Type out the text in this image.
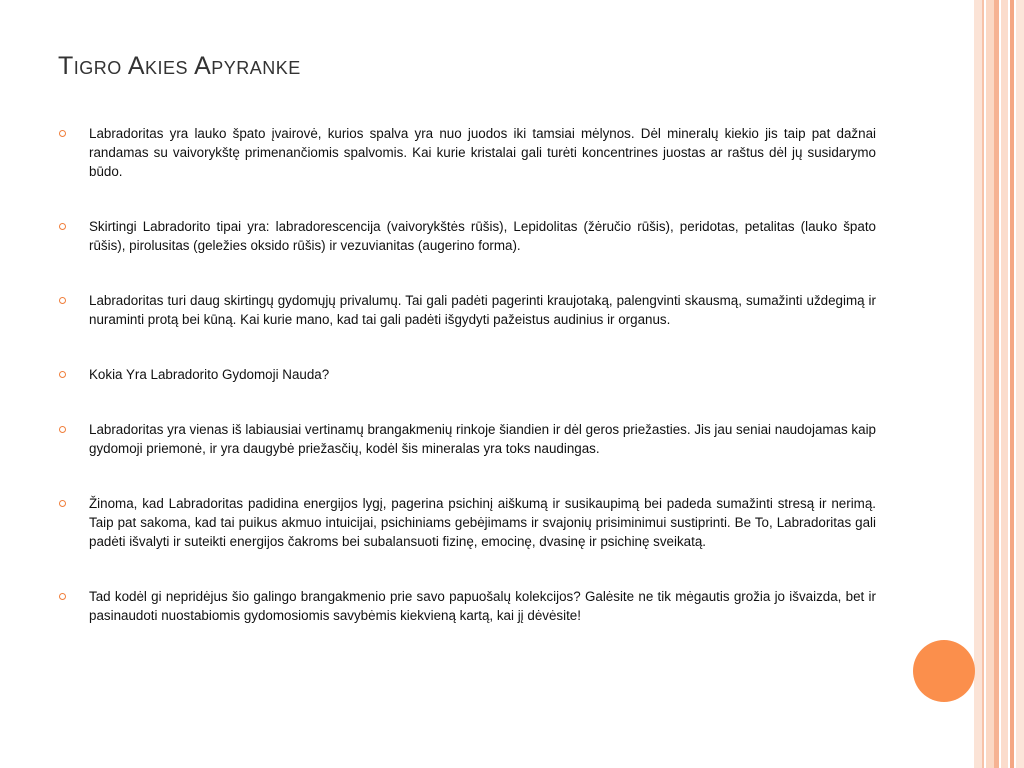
Tigro Akies Apyranke
Labradoritas yra lauko špato įvairovė, kurios spalva yra nuo juodos iki tamsiai mėlynos. Dėl mineralų kiekio jis taip pat dažnai randamas su vaivorykštę primenančiomis spalvomis. Kai kurie kristalai gali turėti koncentrines juostas ar raštus dėl jų susidarymo būdo.
Skirtingi Labradorito tipai yra: labradorescencija (vaivorykštės rūšis), Lepidolitas (žėručio rūšis), peridotas, petalitas (lauko špato rūšis), pirolusitas (geležies oksido rūšis) ir vezuvianitas (augerino forma).
Labradoritas turi daug skirtingų gydomųjų privalumų. Tai gali padėti pagerinti kraujotaką, palengvinti skausmą, sumažinti uždegimą ir nuraminti protą bei kūną. Kai kurie mano, kad tai gali padėti išgydyti pažeistus audinius ir organus.
Kokia Yra Labradorito Gydomoji Nauda?
Labradoritas yra vienas iš labiausiai vertinamų brangakmenių rinkoje šiandien ir dėl geros priežasties. Jis jau seniai naudojamas kaip gydomoji priemonė, ir yra daugybė priežasčių, kodėl šis mineralas yra toks naudingas.
Žinoma, kad Labradoritas padidina energijos lygį, pagerina psichinį aiškumą ir susikaupimą bei padeda sumažinti stresą ir nerimą. Taip pat sakoma, kad tai puikus akmuo intuicijai, psichiniams gebėjimams ir svajonių prisiminimui sustiprinti. Be To, Labradoritas gali padėti išvalyti ir suteikti energijos čakroms bei subalansuoti fizinę, emocinę, dvasinę ir psichinę sveikatą.
Tad kodėl gi nepridėjus šio galingo brangakmenio prie savo papuošalų kolekcijos? Galėsite ne tik mėgautis grožia jo išvaizda, bet ir pasinaudoti nuostabiomis gydomosiomis savybėmis kiekvieną kartą, kai jį dėvėsite!
